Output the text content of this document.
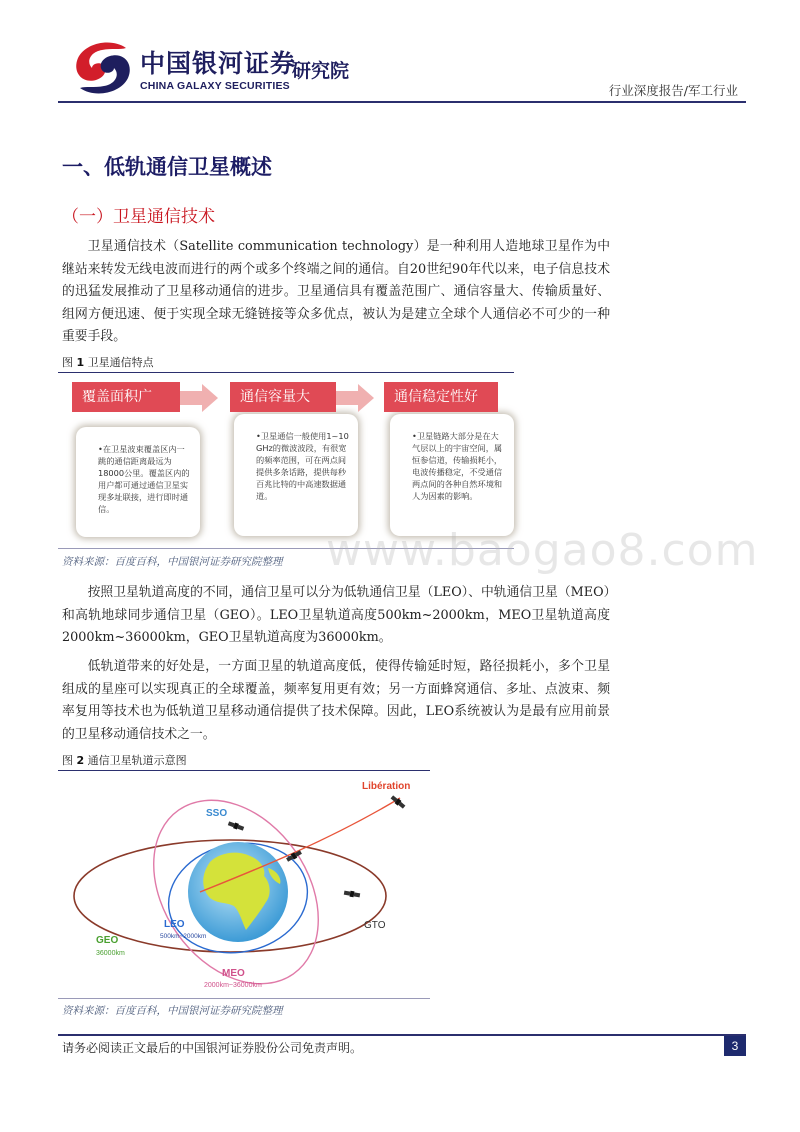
中国银河证券
研究院
CHINA GALAXY SECURITIES	行业深度报告/军工行业
一、低轨通信卫星概述
（一）卫星通信技术

卫星通信技术（Satellite communication technology）是一种利用人造地球卫星作为中继站来转发无线电波而进行的两个或多个终端之间的通信。自20世纪90年代以来，电子信息技术的迅猛发展推动了卫星移动通信的进步。卫星通信具有覆盖范围广、通信容量大、传输质量好、组网方便迅速、便于实现全球无缝链接等众多优点，被认为是建立全球个人通信必不可少的一种重要手段。

图 1 卫星通信特点
•在卫星波束覆盖区内一跳的通信距离最远为18000公里。覆盖区内的用户都可通过通信卫星实现多址联接，进行即时通信。
覆盖面积广
•卫星通信一般使用1~10 GHz的微波波段，有很宽的频率范围，可在两点间提供多条话路，提供每秒百兆比特的中高速数据通道。
通信容量大
•卫星链路大部分是在大气层以上的宇宙空间，属恒参信道，传输损耗小，电波传播稳定，不受通信两点间的各种自然环境和人为因素的影响。
通信稳定性好
资料来源：百度百科，中国银河证券研究院整理 www.baogao8.com

按照卫星轨道高度的不同，通信卫星可以分为低轨通信卫星（LEO）、中轨通信卫星（MEO）和高轨地球同步通信卫星（GEO）。LEO卫星轨道高度500km~2000km，MEO卫星轨道高度2000km~36000km，GEO卫星轨道高度为36000km。

低轨道带来的好处是，一方面卫星的轨道高度低，使得传输延时短，路径损耗小，多个卫星组成的星座可以实现真正的全球覆盖，频率复用更有效；另一方面蜂窝通信、多址、点波束、频率复用等技术也为低轨道卫星移动通信提供了技术保障。因此，LEO系统被认为是最有应用前景的卫星移动通信技术之一。

图 2 通信卫星轨道示意图
Libération
SSO
LEO
500km~2000km
GEO
36000km
MEO
2000km~36000km
GTO
资料来源：百度百科，中国银河证券研究院整理
请务必阅读正文最后的中国银河证券股份公司免责声明。	3
